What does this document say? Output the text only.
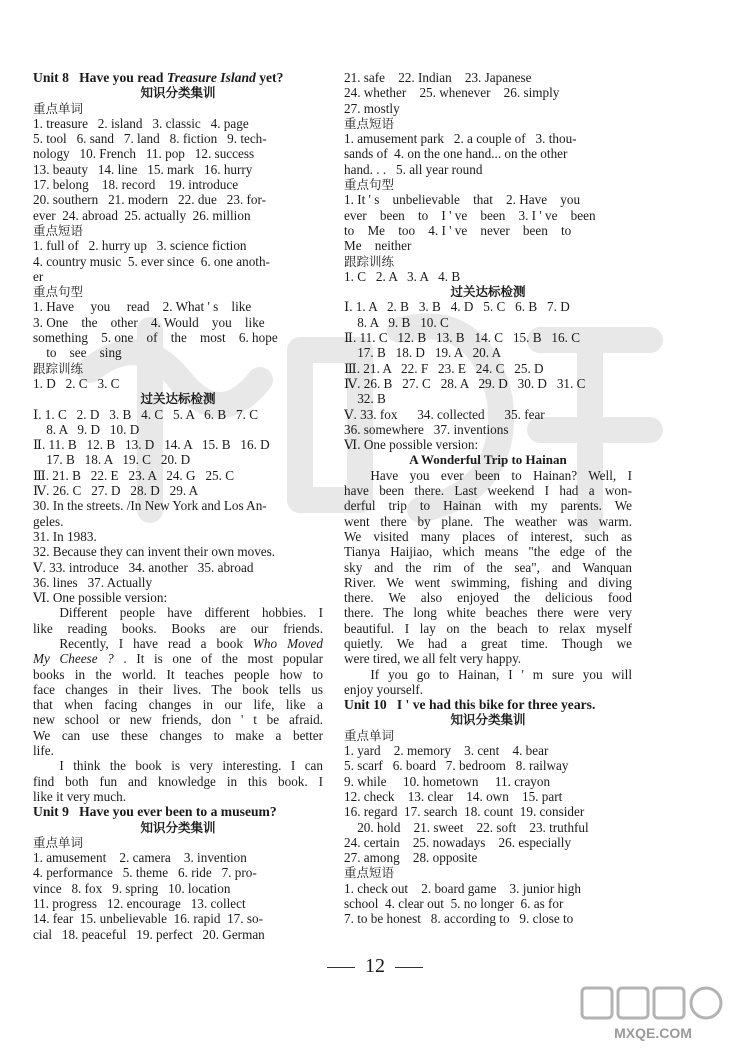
Unit 8   Have you read Treasure Island yet?
知识分类集训
重点单词
1. treasure   2. island   3. classic   4. page
5. tool   6. sand   7. land   8. fiction   9. tech-
nology   10. French   11. pop   12. success
13. beauty   14. line   15. mark   16. hurry
17. belong    18. record    19. introduce
20. southern   21. modern   22. due   23. for-
ever  24. abroad  25. actually  26. million
重点短语
1. full of   2. hurry up   3. science fiction
4. country music  5. ever since  6. one anoth-
er
重点句型
1. Have     you     read    2. What ' s    like
3. One    the    other    4. Would    you    like
something    5. one    of    the    most    6. hope
to    see    sing
跟踪训练
1. D   2. C   3. C
过关达标检测
Ⅰ. 1. C   2. D   3. B   4. C   5. A   6. B   7. C
8. A   9. D   10. D
Ⅱ. 11. B   12. B   13. D   14. A   15. B   16. D
17. B   18. A   19. C   20. D
Ⅲ. 21. B   22. E   23. A   24. G   25. C
Ⅳ. 26. C   27. D   28. D   29. A
30. In the streets. /In New York and Los An-
geles.
31. In 1983.
32. Because they can invent their own moves.
Ⅴ. 33. introduce   34. another   35. abroad
36. lines   37. Actually
Ⅵ. One possible version:
Different people have different hobbies. I
like reading books. Books are our friends.
Recently, I have read a book Who Moved
My Cheese ? . It is one of the most popular
books in the world. It teaches people how to
face changes in their lives. The book tells us
that when facing changes in our life, like a
new school or new friends, don ' t be afraid.
We can use these changes to make a better
life.
I think the book is very interesting. I can
find both fun and knowledge in this book. I
like it very much.
Unit 9   Have you ever been to a museum?
知识分类集训
重点单词
1. amusement    2. camera    3. invention
4. performance   5. theme   6. ride   7. pro-
vince   8. fox   9. spring   10. location
11. progress   12. encourage   13. collect
14. fear  15. unbelievable  16. rapid  17. so-
cial   18. peaceful   19. perfect   20. German
21. safe    22. Indian    23. Japanese
24. whether    25. whenever    26. simply
27. mostly
重点短语
1. amusement park   2. a couple of   3. thou-
sands of  4. on the one hand... on the other
hand. . .   5. all year round
重点句型
1. It ' s    unbelievable    that    2. Have    you
ever    been    to    I ' ve    been    3. I ' ve    been
to    Me    too    4. I ' ve    never    been    to
Me    neither
跟踪训练
1. C   2. A   3. A   4. B
过关达标检测
Ⅰ. 1. A   2. B   3. B   4. D   5. C   6. B   7. D
8. A   9. B   10. C
Ⅱ. 11. C   12. B   13. B   14. C   15. B   16. C
17. B   18. D   19. A   20. A
Ⅲ. 21. A   22. F   23. E   24. C   25. D
Ⅳ. 26. B   27. C   28. A   29. D   30. D   31. C
32. B
Ⅴ. 33. fox      34. collected      35. fear
36. somewhere   37. inventions
Ⅵ. One possible version:
A Wonderful Trip to Hainan
Have you ever been to Hainan? Well, I
have been there. Last weekend I had a won-
derful trip to Hainan with my parents. We
went there by plane. The weather was warm.
We visited many places of interest, such as
Tianya Haijiao, which means "the edge of the
sky and the rim of the sea", and Wanquan
River. We went swimming, fishing and diving
there. We also enjoyed the delicious food
there. The long white beaches there were very
beautiful. I lay on the beach to relax myself
quietly. We had a great time. Though we
were tired, we all felt very happy.
If you go to Hainan, I ' m sure you will
enjoy yourself.
Unit 10   I ' ve had this bike for three years.
知识分类集训
重点单词
1. yard    2. memory    3. cent    4. bear
5. scarf   6. board   7. bedroom   8. railway
9. while     10. hometown     11. crayon
12. check    13. clear    14. own    15. part
16. regard  17. search  18. count  19. consider
20. hold    21. sweet    22. soft    23. truthful
24. certain    25. nowadays    26. especially
27. among    28. opposite
重点短语
1. check out    2. board game    3. junior high
school  4. clear out  5. no longer  6. as for
7. to be honest   8. according to   9. close to
12
MXQE.COM
